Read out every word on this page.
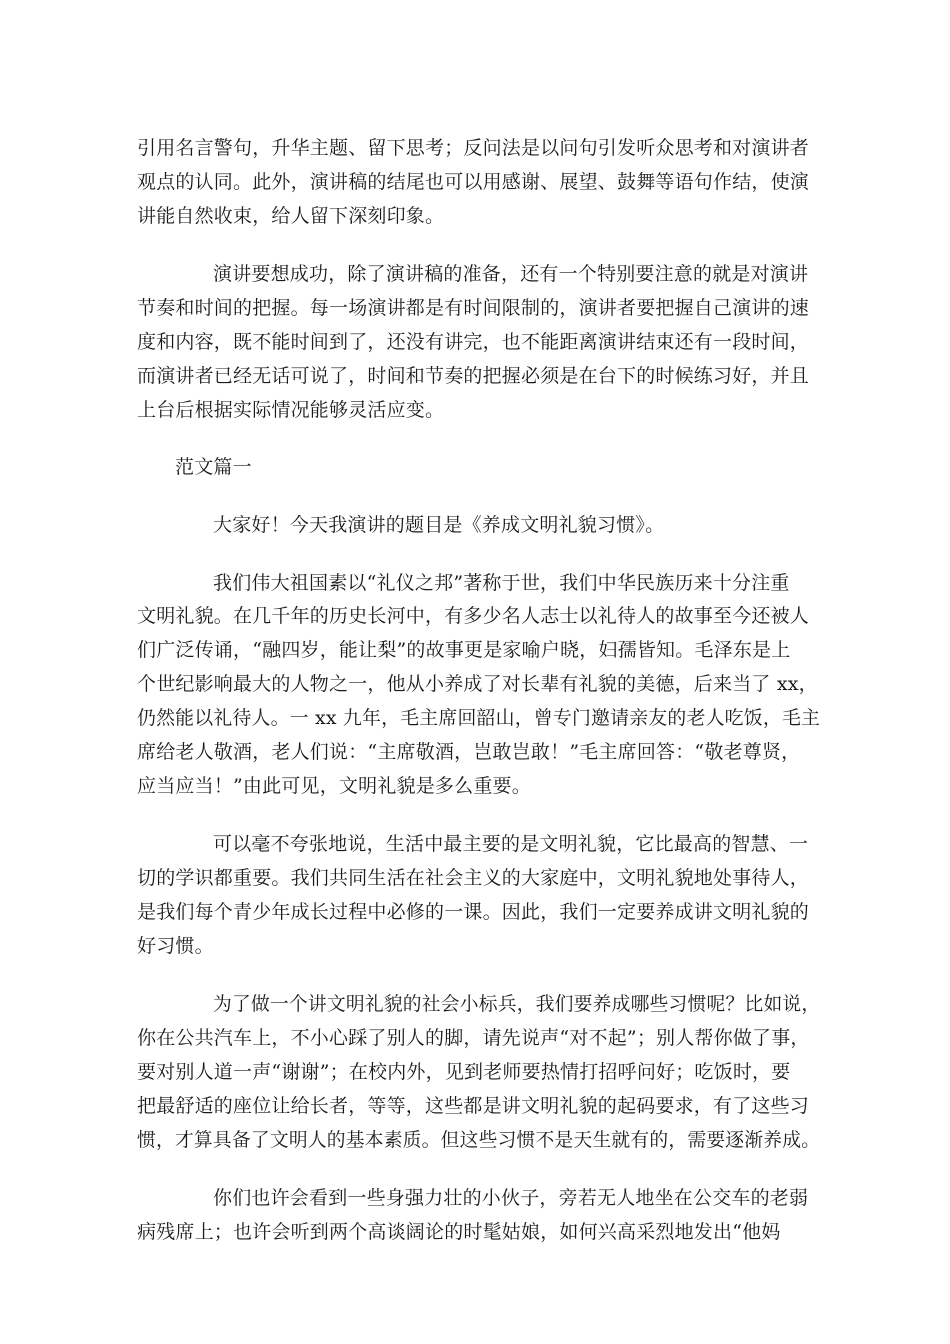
引用名言警句，升华主题、留下思考；反问法是以问句引发听众思考和对演讲者

观点的认同。此外，演讲稿的结尾也可以用感谢、展望、鼓舞等语句作结，使演

讲能自然收束，给人留下深刻印象。

演讲要想成功，除了演讲稿的准备，还有一个特别要注意的就是对演讲

节奏和时间的把握。每一场演讲都是有时间限制的，演讲者要把握自己演讲的速

度和内容，既不能时间到了，还没有讲完，也不能距离演讲结束还有一段时间，

而演讲者已经无话可说了，时间和节奏的把握必须是在台下的时候练习好，并且

上台后根据实际情况能够灵活应变。

范文篇一

大家好！今天我演讲的题目是《养成文明礼貌习惯》。

我们伟大祖国素以“礼仪之邦”著称于世，我们中华民族历来十分注重

文明礼貌。在几千年的历史长河中，有多少名人志士以礼待人的故事至今还被人

们广泛传诵，“融四岁，能让梨”的故事更是家喻户晓，妇孺皆知。毛泽东是上

个世纪影响最大的人物之一，他从小养成了对长辈有礼貌的美德，后来当了 xx，

仍然能以礼待人。一 xx 九年，毛主席回韶山，曾专门邀请亲友的老人吃饭，毛主

席给老人敬酒，老人们说：“主席敬酒，岂敢岂敢！”毛主席回答：“敬老尊贤，

应当应当！”由此可见，文明礼貌是多么重要。

可以毫不夸张地说，生活中最主要的是文明礼貌，它比最高的智慧、一

切的学识都重要。我们共同生活在社会主义的大家庭中，文明礼貌地处事待人，

是我们每个青少年成长过程中必修的一课。因此，我们一定要养成讲文明礼貌的

好习惯。

为了做一个讲文明礼貌的社会小标兵，我们要养成哪些习惯呢？比如说，

你在公共汽车上，不小心踩了别人的脚，请先说声“对不起”；别人帮你做了事，

要对别人道一声“谢谢”；在校内外，见到老师要热情打招呼问好；吃饭时，要

把最舒适的座位让给长者，等等，这些都是讲文明礼貌的起码要求，有了这些习

惯，才算具备了文明人的基本素质。但这些习惯不是天生就有的，需要逐渐养成。

你们也许会看到一些身强力壮的小伙子，旁若无人地坐在公交车的老弱

病残席上；也许会听到两个高谈阔论的时髦姑娘，如何兴高采烈地发出“他妈
